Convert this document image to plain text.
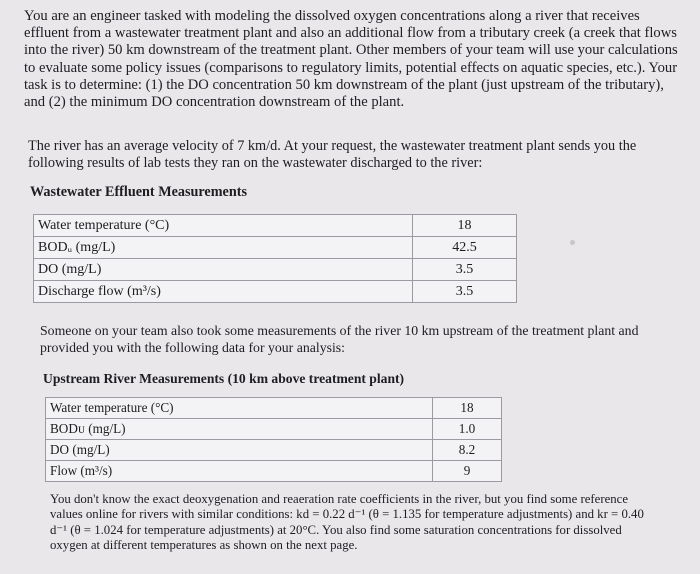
You are an engineer tasked with modeling the dissolved oxygen concentrations along a river that receives effluent from a wastewater treatment plant and also an additional flow from a tributary creek (a creek that flows into the river) 50 km downstream of the treatment plant. Other members of your team will use your calculations to evaluate some policy issues (comparisons to regulatory limits, potential effects on aquatic species, etc.). Your task is to determine: (1) the DO concentration 50 km downstream of the plant (just upstream of the tributary), and (2) the minimum DO concentration downstream of the plant.

The river has an average velocity of 7 km/d. At your request, the wastewater treatment plant sends you the following results of lab tests they ran on the wastewater discharged to the river:

Wastewater Effluent Measurements

Water temperature (°C)	18
BODᵤ (mg/L)	42.5
DO (mg/L)	3.5
Discharge flow (m³/s)	3.5

Someone on your team also took some measurements of the river 10 km upstream of the treatment plant and provided you with the following data for your analysis:

Upstream River Measurements (10 km above treatment plant)

Water temperature (°C)	18
BODᴜ (mg/L)	1.0
DO (mg/L)	8.2
Flow (m³/s)	9

You don't know the exact deoxygenation and reaeration rate coefficients in the river, but you find some reference values online for rivers with similar conditions: kd = 0.22 d⁻¹ (θ = 1.135 for temperature adjustments) and kr = 0.40 d⁻¹ (θ = 1.024 for temperature adjustments) at 20°C. You also find some saturation concentrations for dissolved oxygen at different temperatures as shown on the next page.
